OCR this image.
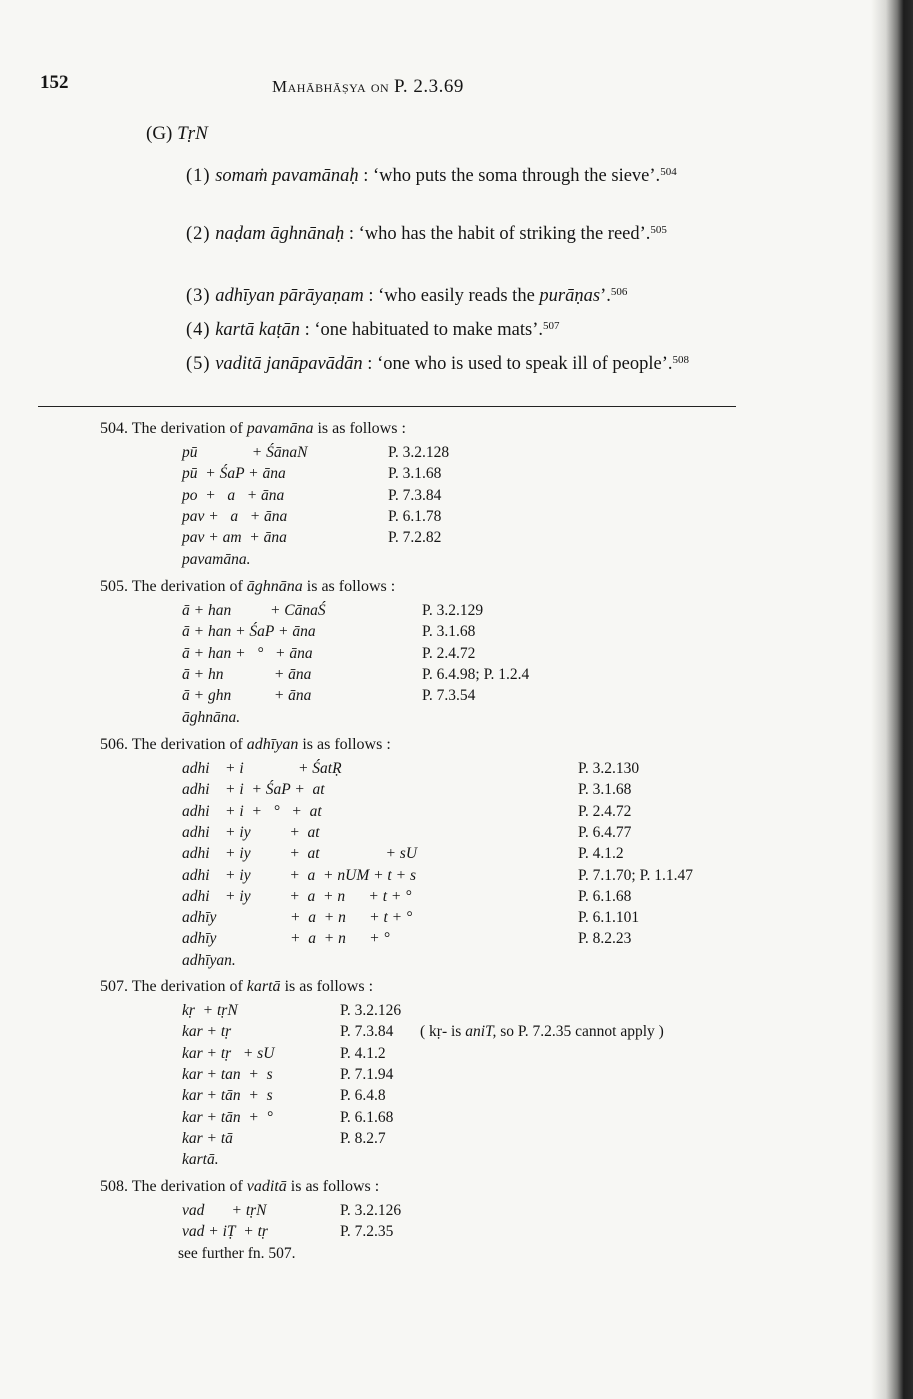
152	Mahābhāṣya on P. 2.3.69
(G) TṛN
(1) somaṁ pavamānaḥ : ‘who puts the soma through the sieve’.$^{504}$
(2) naḍam āghnānaḥ : ‘who has the habit of striking the reed’.$^{505}$
(3) adhīyan pārāyaṇam : ‘who easily reads the purāṇas’.$^{506}$
(4) kartā kaṭān : ‘one habituated to make mats’.$^{507}$
(5) vaditā janāpavādān : ‘one who is used to speak ill of people’.$^{508}$
504. The derivation of pavamāna is as follows :
pū              + ŚānaN	P. 3.2.128
pū  + ŚaP + āna	P. 3.1.68
po  +   a   + āna	P. 7.3.84
pav +   a   + āna	P. 6.1.78
pav + am  + āna	P. 7.2.82
pavamāna.
505. The derivation of āghnāna is as follows :
ā + han          + CānaŚ	P. 3.2.129
ā + han + ŚaP + āna	P. 3.1.68
ā + han +   °   + āna	P. 2.4.72
ā + hn             + āna	P. 6.4.98; P. 1.2.4
ā + ghn           + āna	P. 7.3.54
āghnāna.
506. The derivation of adhīyan is as follows :
adhi    + i              + ŚatṚ	P. 3.2.130
adhi    + i  + ŚaP +  at	P. 3.1.68
adhi    + i  +   °   +  at	P. 2.4.72
adhi    + iy          +  at	P. 6.4.77
adhi    + iy          +  at                 + sU	P. 4.1.2
adhi    + iy          +  a  + nUM + t + s	P. 7.1.70; P. 1.1.47
adhi    + iy          +  a  + n      + t + °	P. 6.1.68
adhīy                   +  a  + n      + t + °	P. 6.1.101
adhīy                   +  a  + n      + °	P. 8.2.23
adhīyan.
507. The derivation of kartā is as follows :
kṛ  + tṛN	P. 3.2.126
kar + tṛ	P. 7.3.84 ( kṛ- is aniT, so P. 7.2.35 cannot apply )
kar + tṛ   + sU	P. 4.1.2
kar + tan  +  s	P. 7.1.94
kar + tān  +  s	P. 6.4.8
kar + tān  +  °	P. 6.1.68
kar + tā	P. 8.2.7
kartā.
508. The derivation of vaditā is as follows :
vad       + tṛN	P. 3.2.126
vad + iṬ  + tṛ	P. 7.2.35
see further fn. 507.
